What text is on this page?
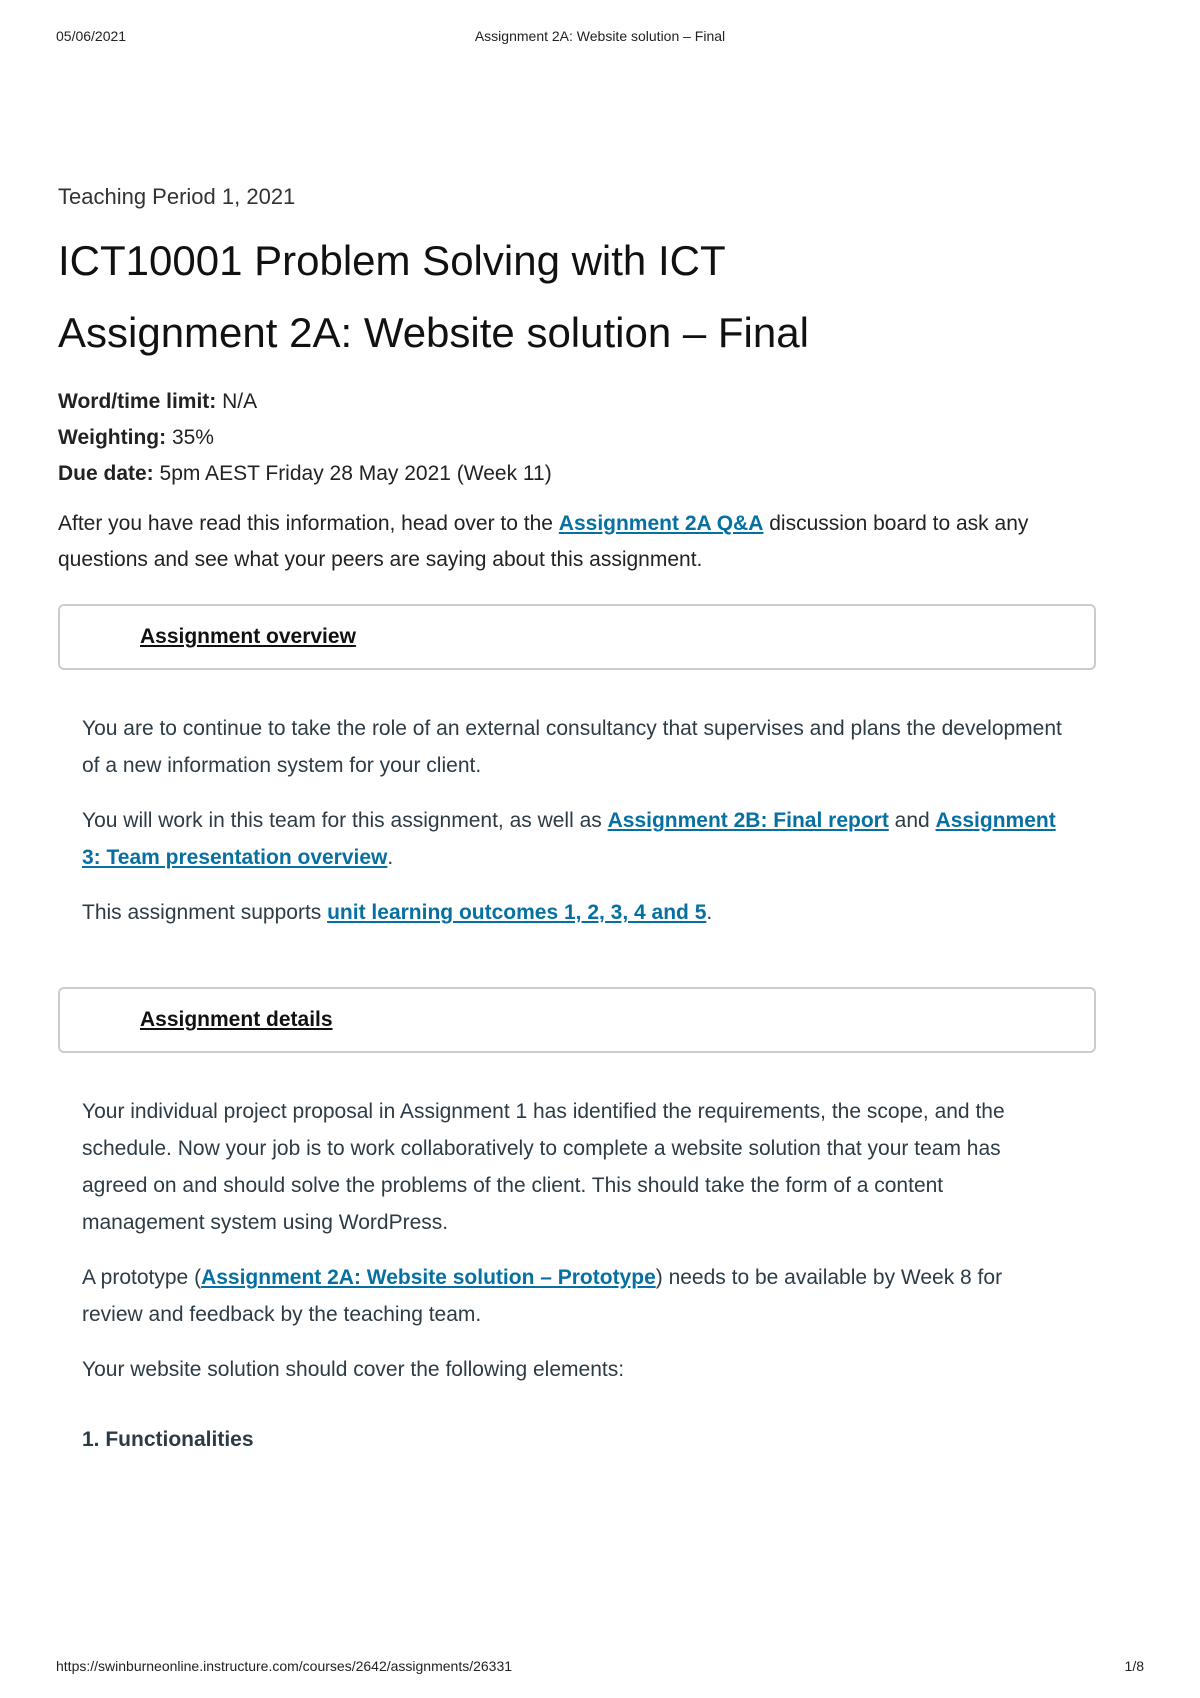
05/06/2021	Assignment 2A: Website solution – Final
Teaching Period 1, 2021
ICT10001 Problem Solving with ICT
Assignment 2A: Website solution – Final
Word/time limit: N/A
Weighting: 35%
Due date: 5pm AEST Friday 28 May 2021 (Week 11)
After you have read this information, head over to the Assignment 2A Q&A discussion board to ask any questions and see what your peers are saying about this assignment.
Assignment overview

You are to continue to take the role of an external consultancy that supervises and plans the development of a new information system for your client.

You will work in this team for this assignment, as well as Assignment 2B: Final report and Assignment 3: Team presentation overview.

This assignment supports unit learning outcomes 1, 2, 3, 4 and 5.

Assignment details

Your individual project proposal in Assignment 1 has identified the requirements, the scope, and the schedule. Now your job is to work collaboratively to complete a website solution that your team has agreed on and should solve the problems of the client. This should take the form of a content management system using WordPress.

A prototype (Assignment 2A: Website solution – Prototype) needs to be available by Week 8 for review and feedback by the teaching team.

Your website solution should cover the following elements:

1. Functionalities
https://swinburneonline.instructure.com/courses/2642/assignments/26331	1/8
